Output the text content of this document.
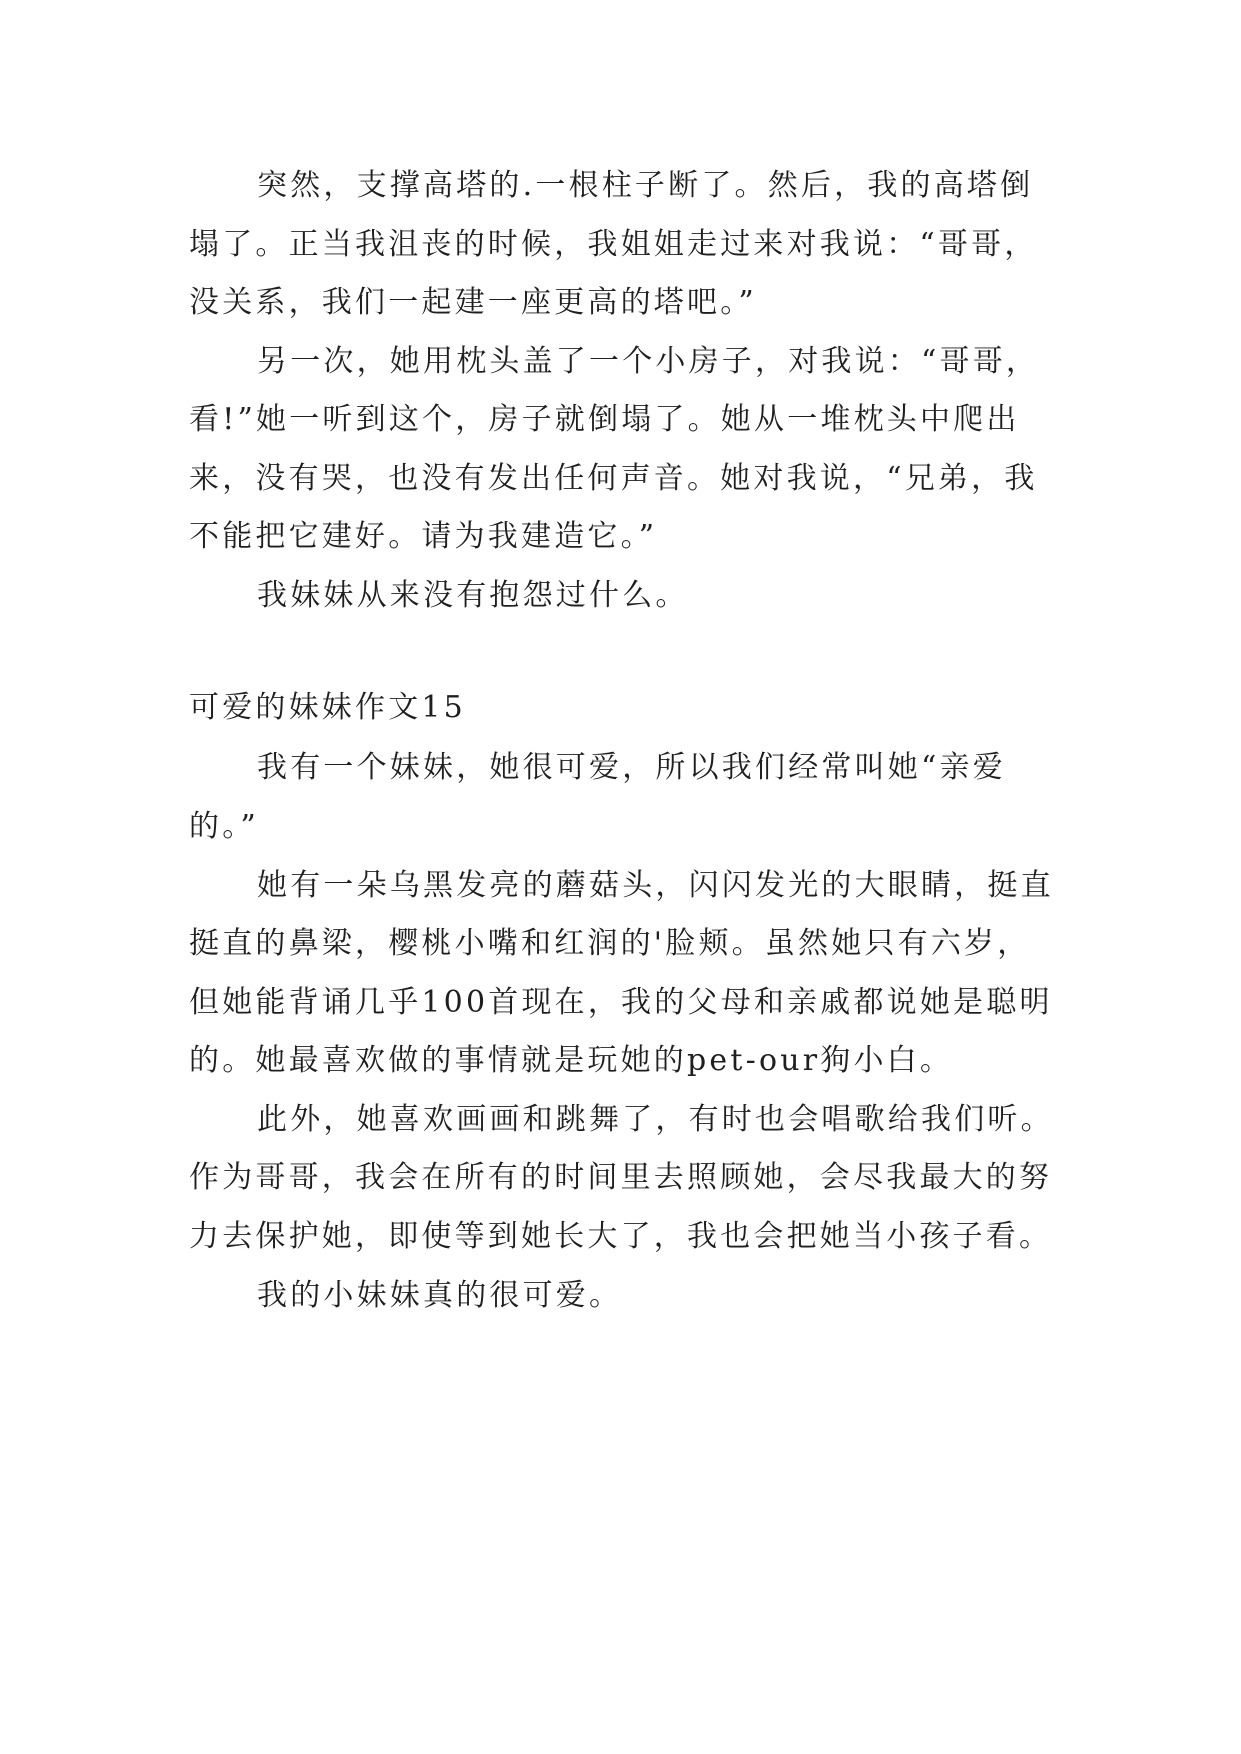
突然，支撑高塔的.一根柱子断了。然后，我的高塔倒
塌了。正当我沮丧的时候，我姐姐走过来对我说：“哥哥，
没关系，我们一起建一座更高的塔吧。”
另一次，她用枕头盖了一个小房子，对我说：“哥哥，
看!”她一听到这个，房子就倒塌了。她从一堆枕头中爬出
来，没有哭，也没有发出任何声音。她对我说，“兄弟，我
不能把它建好。请为我建造它。”
我妹妹从来没有抱怨过什么。
可爱的妹妹作文15
我有一个妹妹，她很可爱，所以我们经常叫她“亲爱
的。”
她有一朵乌黑发亮的蘑菇头，闪闪发光的大眼睛，挺直
挺直的鼻梁，樱桃小嘴和红润的'脸颊。虽然她只有六岁，
但她能背诵几乎100首现在，我的父母和亲戚都说她是聪明
的。她最喜欢做的事情就是玩她的pet-our狗小白。
此外，她喜欢画画和跳舞了，有时也会唱歌给我们听。
作为哥哥，我会在所有的时间里去照顾她，会尽我最大的努
力去保护她，即使等到她长大了，我也会把她当小孩子看。
我的小妹妹真的很可爱。
